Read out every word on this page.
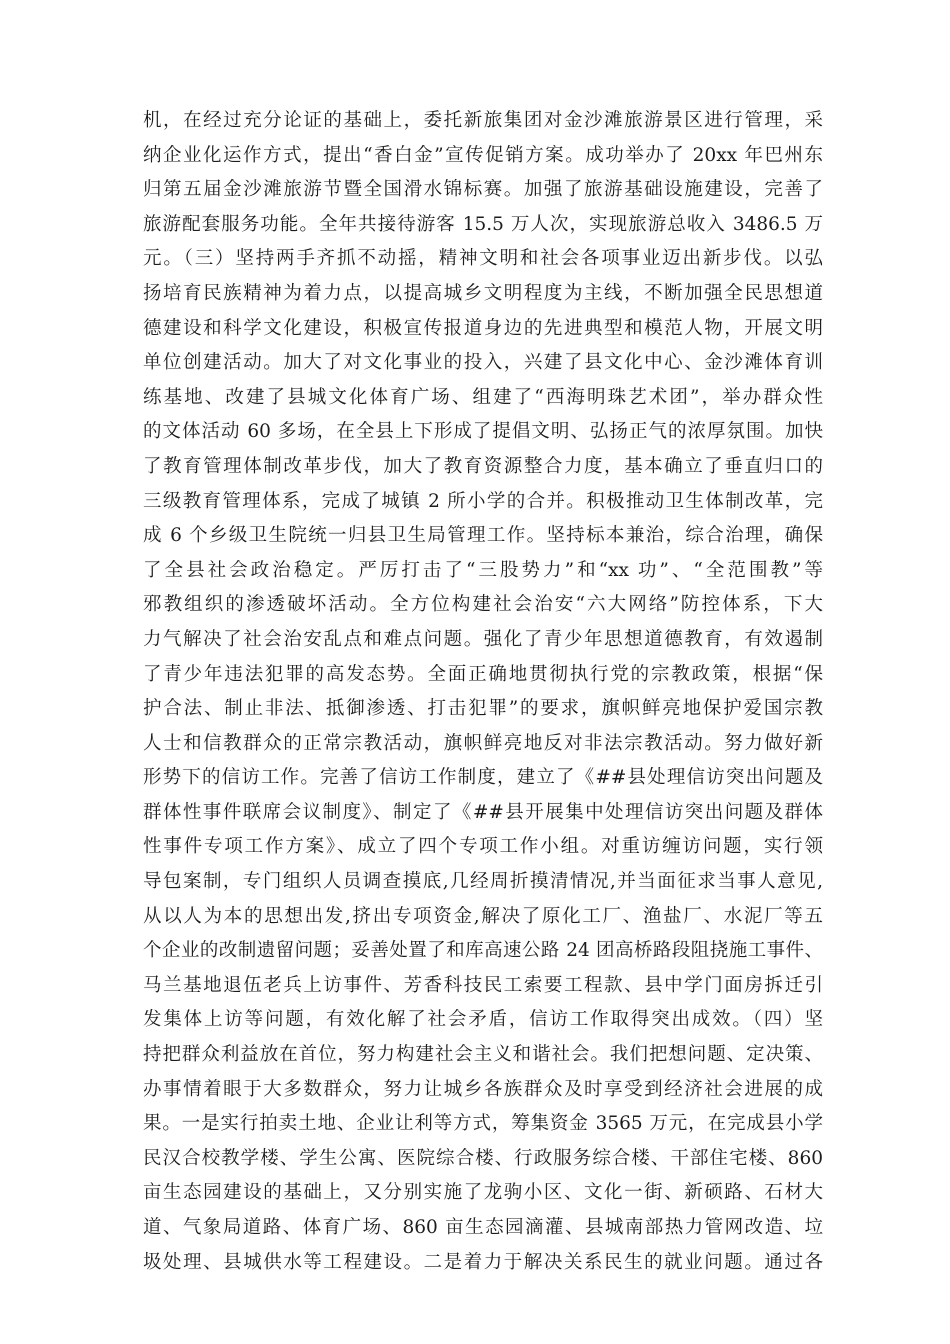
机，在经过充分论证的基础上，委托新旅集团对金沙滩旅游景区进行管理，采
纳企业化运作方式，提出“香白金”宣传促销方案。成功举办了 20xx 年巴州东
归第五届金沙滩旅游节暨全国滑水锦标赛。加强了旅游基础设施建设，完善了
旅游配套服务功能。全年共接待游客 15.5 万人次，实现旅游总收入 3486.5 万
元。（三）坚持两手齐抓不动摇，精神文明和社会各项事业迈出新步伐。以弘
扬培育民族精神为着力点，以提高城乡文明程度为主线，不断加强全民思想道
德建设和科学文化建设，积极宣传报道身边的先进典型和模范人物，开展文明
单位创建活动。加大了对文化事业的投入，兴建了县文化中心、金沙滩体育训
练基地、改建了县城文化体育广场、组建了“西海明珠艺术团”，举办群众性
的文体活动 60 多场，在全县上下形成了提倡文明、弘扬正气的浓厚氛围。加快
了教育管理体制改革步伐，加大了教育资源整合力度，基本确立了垂直归口的
三级教育管理体系，完成了城镇 2 所小学的合并。积极推动卫生体制改革，完
成 6 个乡级卫生院统一归县卫生局管理工作。坚持标本兼治，综合治理，确保
了全县社会政治稳定。严厉打击了“三股势力”和“xx 功”、“全范围教”等
邪教组织的渗透破坏活动。全方位构建社会治安“六大网络”防控体系，下大
力气解决了社会治安乱点和难点问题。强化了青少年思想道德教育，有效遏制
了青少年违法犯罪的高发态势。全面正确地贯彻执行党的宗教政策，根据“保
护合法、制止非法、抵御渗透、打击犯罪”的要求，旗帜鲜亮地保护爱国宗教
人士和信教群众的正常宗教活动，旗帜鲜亮地反对非法宗教活动。努力做好新
形势下的信访工作。完善了信访工作制度，建立了《##县处理信访突出问题及
群体性事件联席会议制度》、制定了《##县开展集中处理信访突出问题及群体
性事件专项工作方案》、成立了四个专项工作小组。对重访缠访问题，实行领
导包案制，专门组织人员调查摸底,几经周折摸清情况,并当面征求当事人意见,
从以人为本的思想出发,挤出专项资金,解决了原化工厂、渔盐厂、水泥厂等五
个企业的改制遗留问题；妥善处置了和库高速公路 24 团高桥路段阻挠施工事件、
马兰基地退伍老兵上访事件、芳香科技民工索要工程款、县中学门面房拆迁引
发集体上访等问题，有效化解了社会矛盾，信访工作取得突出成效。（四）坚
持把群众利益放在首位，努力构建社会主义和谐社会。我们把想问题、定决策、
办事情着眼于大多数群众，努力让城乡各族群众及时享受到经济社会进展的成
果。一是实行拍卖土地、企业让利等方式，筹集资金 3565 万元，在完成县小学
民汉合校教学楼、学生公寓、医院综合楼、行政服务综合楼、干部住宅楼、860
亩生态园建设的基础上，又分别实施了龙驹小区、文化一街、新硕路、石材大
道、气象局道路、体育广场、860 亩生态园滴灌、县城南部热力管网改造、垃
圾处理、县城供水等工程建设。二是着力于解决关系民生的就业问题。通过各
